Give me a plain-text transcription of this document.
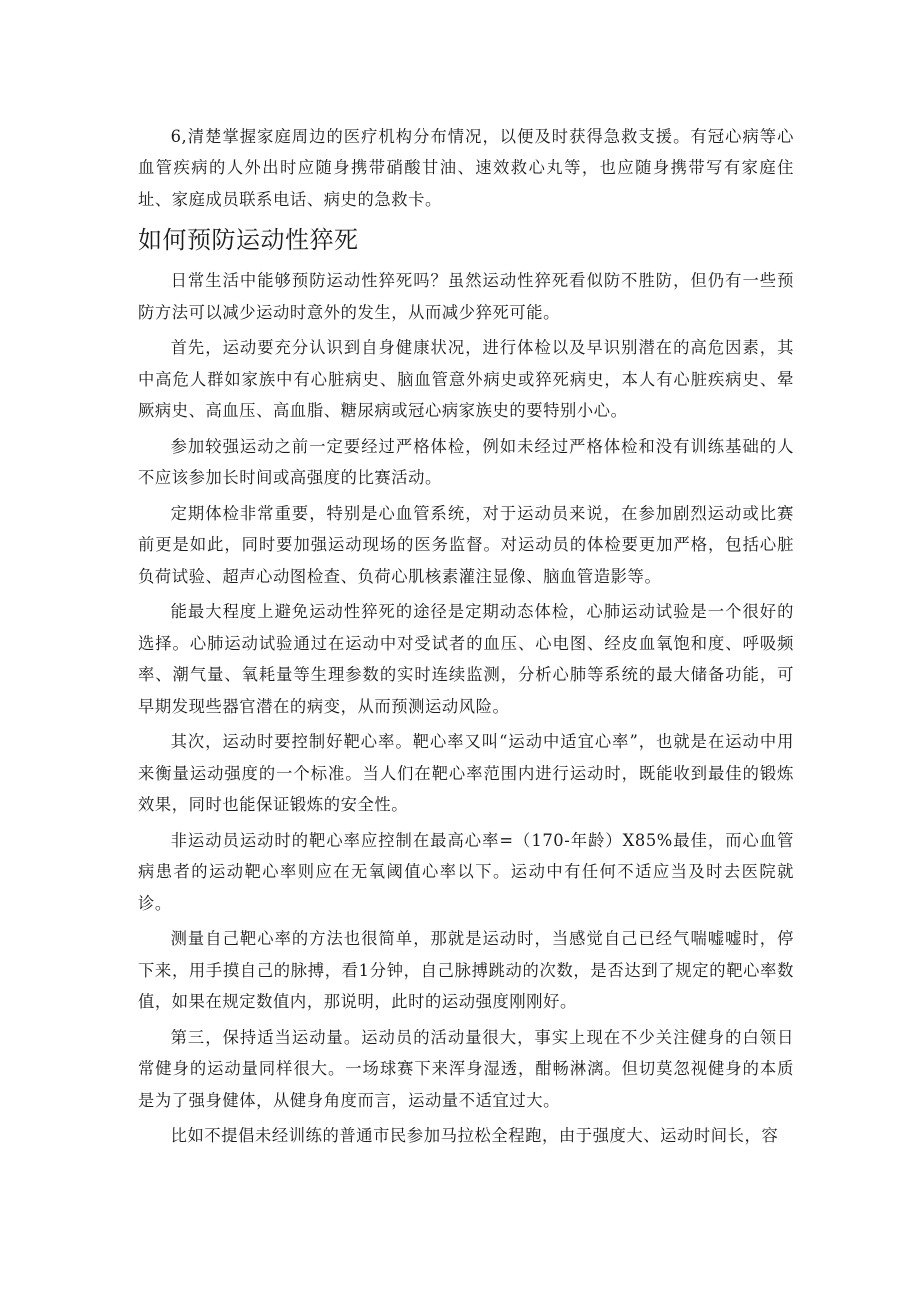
6,清楚掌握家庭周边的医疗机构分布情况，以便及时获得急救支援。有冠心病等心血管疾病的人外出时应随身携带硝酸甘油、速效救心丸等，也应随身携带写有家庭住址、家庭成员联系电话、病史的急救卡。

如何预防运动性猝死

日常生活中能够预防运动性猝死吗？虽然运动性猝死看似防不胜防，但仍有一些预防方法可以减少运动时意外的发生，从而减少猝死可能。

首先，运动要充分认识到自身健康状况，进行体检以及早识别潜在的高危因素，其中高危人群如家族中有心脏病史、脑血管意外病史或猝死病史，本人有心脏疾病史、晕厥病史、高血压、高血脂、糖尿病或冠心病家族史的要特别小心。

参加较强运动之前一定要经过严格体检，例如未经过严格体检和没有训练基础的人不应该参加长时间或高强度的比赛活动。

定期体检非常重要，特别是心血管系统，对于运动员来说，在参加剧烈运动或比赛前更是如此，同时要加强运动现场的医务监督。对运动员的体检要更加严格，包括心脏负荷试验、超声心动图检查、负荷心肌核素灌注显像、脑血管造影等。

能最大程度上避免运动性猝死的途径是定期动态体检，心肺运动试验是一个很好的选择。心肺运动试验通过在运动中对受试者的血压、心电图、经皮血氧饱和度、呼吸频率、潮气量、氧耗量等生理参数的实时连续监测，分析心肺等系统的最大储备功能，可早期发现些器官潜在的病变，从而预测运动风险。

其次，运动时要控制好靶心率。靶心率又叫“运动中适宜心率”，也就是在运动中用来衡量运动强度的一个标准。当人们在靶心率范围内进行运动时，既能收到最佳的锻炼效果，同时也能保证锻炼的安全性。

非运动员运动时的靶心率应控制在最高心率=（170-年龄）X85%最佳，而心血管病患者的运动靶心率则应在无氧阈值心率以下。运动中有任何不适应当及时去医院就诊。

测量自己靶心率的方法也很简单，那就是运动时，当感觉自己已经气喘嘘嘘时，停下来，用手摸自己的脉搏，看1分钟，自己脉搏跳动的次数，是否达到了规定的靶心率数值，如果在规定数值内，那说明，此时的运动强度刚刚好。

第三，保持适当运动量。运动员的活动量很大，事实上现在不少关注健身的白领日常健身的运动量同样很大。一场球赛下来浑身湿透，酣畅淋漓。但切莫忽视健身的本质是为了强身健体，从健身角度而言，运动量不适宜过大。

比如不提倡未经训练的普通市民参加马拉松全程跑，由于强度大、运动时间长，容
